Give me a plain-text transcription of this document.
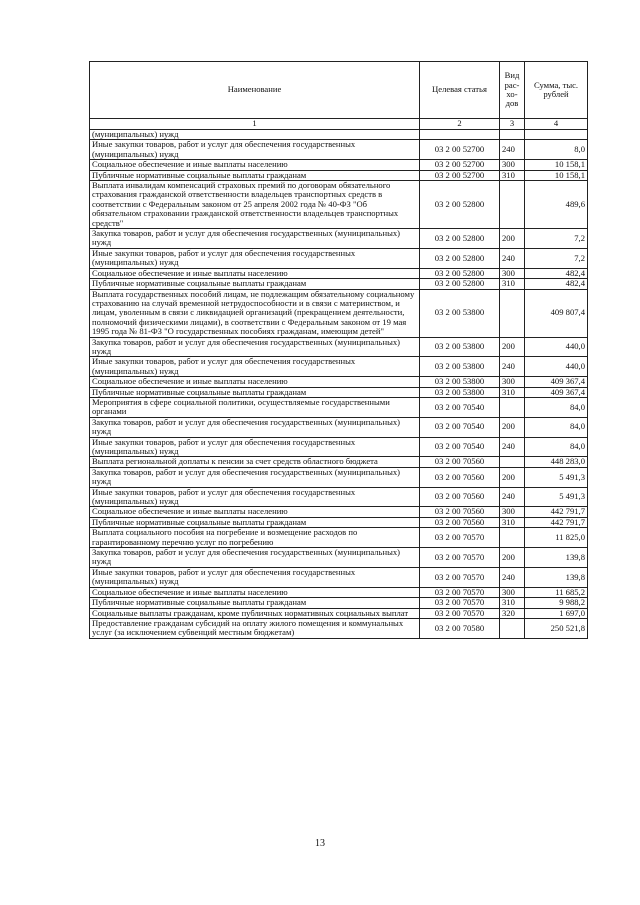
Наименование	Целевая статья	Вид рас- хо- дов	Сумма, тыс. рублей
1	2	3	4
(муниципальных) нужд			
Иные закупки товаров, работ и услуг для обеспечения государственных (муниципальных) нужд	03 2 00 52700	240	8,0
Социальное обеспечение и иные выплаты населению	03 2 00 52700	300	10 158,1
Публичные нормативные социальные выплаты гражданам	03 2 00 52700	310	10 158,1
Выплата инвалидам компенсаций страховых премий по договорам обязательного страхования гражданской ответственности владельцев транспортных средств в соответствии с Федеральным законом от 25 апреля 2002 года № 40-ФЗ "Об обязательном страховании гражданской ответственности владельцев транспортных средств"	03 2 00 52800		489,6
Закупка товаров, работ и услуг для обеспечения государственных (муниципальных) нужд	03 2 00 52800	200	7,2
Иные закупки товаров, работ и услуг для обеспечения государственных (муниципальных) нужд	03 2 00 52800	240	7,2
Социальное обеспечение и иные выплаты населению	03 2 00 52800	300	482,4
Публичные нормативные социальные выплаты гражданам	03 2 00 52800	310	482,4
Выплата государственных пособий лицам, не подлежащим обязательному социальному страхованию на случай временной нетрудоспособности и в связи с материнством, и лицам, уволенным в связи с ликвидацией организаций (прекращением деятельности, полномочий физическими лицами), в соответствии с Федеральным законом от 19 мая 1995 года № 81-ФЗ "О государственных пособиях гражданам, имеющим детей"	03 2 00 53800		409 807,4
Закупка товаров, работ и услуг для обеспечения государственных (муниципальных) нужд	03 2 00 53800	200	440,0
Иные закупки товаров, работ и услуг для обеспечения государственных (муниципальных) нужд	03 2 00 53800	240	440,0
Социальное обеспечение и иные выплаты населению	03 2 00 53800	300	409 367,4
Публичные нормативные социальные выплаты гражданам	03 2 00 53800	310	409 367,4
Мероприятия в сфере социальной политики, осуществляемые государственными органами	03 2 00 70540		84,0
Закупка товаров, работ и услуг для обеспечения государственных (муниципальных) нужд	03 2 00 70540	200	84,0
Иные закупки товаров, работ и услуг для обеспечения государственных (муниципальных) нужд	03 2 00 70540	240	84,0
Выплата региональной доплаты к пенсии за счет средств областного бюджета	03 2 00 70560		448 283,0
Закупка товаров, работ и услуг для обеспечения государственных (муниципальных) нужд	03 2 00 70560	200	5 491,3
Иные закупки товаров, работ и услуг для обеспечения государственных (муниципальных) нужд	03 2 00 70560	240	5 491,3
Социальное обеспечение и иные выплаты населению	03 2 00 70560	300	442 791,7
Публичные нормативные социальные выплаты гражданам	03 2 00 70560	310	442 791,7
Выплата социального пособия на погребение и возмещение расходов по гарантированному перечню услуг по погребению	03 2 00 70570		11 825,0
Закупка товаров, работ и услуг для обеспечения государственных (муниципальных) нужд	03 2 00 70570	200	139,8
Иные закупки товаров, работ и услуг для обеспечения государственных (муниципальных) нужд	03 2 00 70570	240	139,8
Социальное обеспечение и иные выплаты населению	03 2 00 70570	300	11 685,2
Публичные нормативные социальные выплаты гражданам	03 2 00 70570	310	9 988,2
Социальные выплаты гражданам, кроме публичных нормативных социальных выплат	03 2 00 70570	320	1 697,0
Предоставление гражданам субсидий на оплату жилого помещения и коммунальных услуг (за исключением субвенций местным бюджетам)	03 2 00 70580		250 521,8
13
